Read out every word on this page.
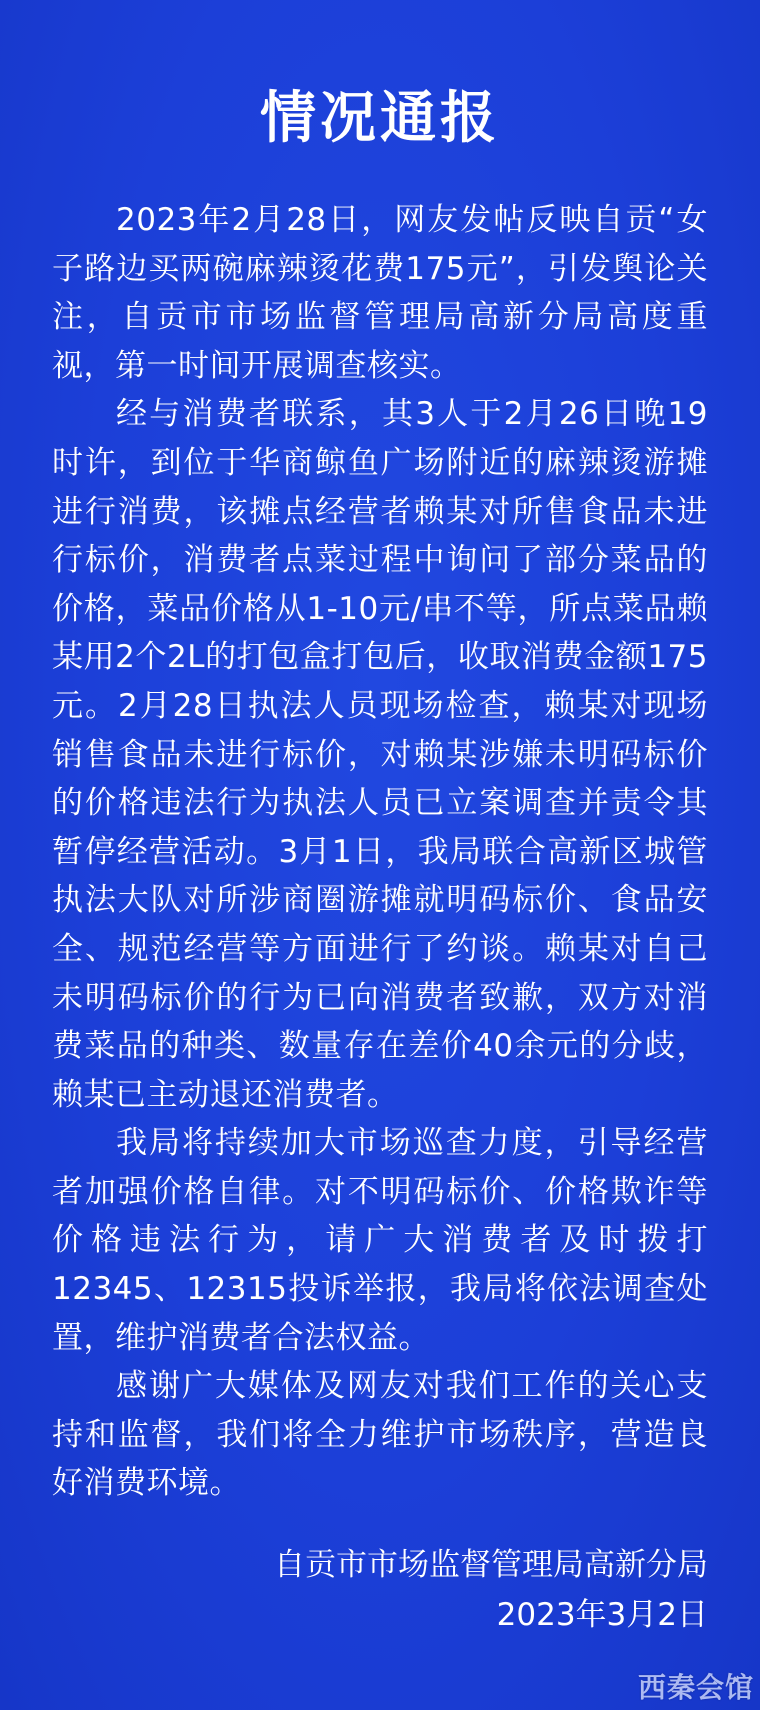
情况通报

2023年2月28日，网友发帖反映自贡“女子路边买两碗麻辣烫花费175元”，引发舆论关注，自贡市市场监督管理局高新分局高度重视，第一时间开展调查核实。

经与消费者联系，其3人于2月26日晚19时许，到位于华商鲸鱼广场附近的麻辣烫游摊进行消费，该摊点经营者赖某对所售食品未进行标价，消费者点菜过程中询问了部分菜品的价格，菜品价格从1-10元/串不等，所点菜品赖某用2个2L的打包盒打包后，收取消费金额175元。2月28日执法人员现场检查，赖某对现场销售食品未进行标价，对赖某涉嫌未明码标价的价格违法行为执法人员已立案调查并责令其暂停经营活动。3月1日，我局联合高新区城管执法大队对所涉商圈游摊就明码标价、食品安全、规范经营等方面进行了约谈。赖某对自己未明码标价的行为已向消费者致歉，双方对消费菜品的种类、数量存在差价40余元的分歧，赖某已主动退还消费者。

我局将持续加大市场巡查力度，引导经营者加强价格自律。对不明码标价、价格欺诈等价格违法行为，请广大消费者及时拨打12345、12315投诉举报，我局将依法调查处置，维护消费者合法权益。

感谢广大媒体及网友对我们工作的关心支持和监督，我们将全力维护市场秩序，营造良好消费环境。

自贡市市场监督管理局高新分局
2023年3月2日
西秦会馆
